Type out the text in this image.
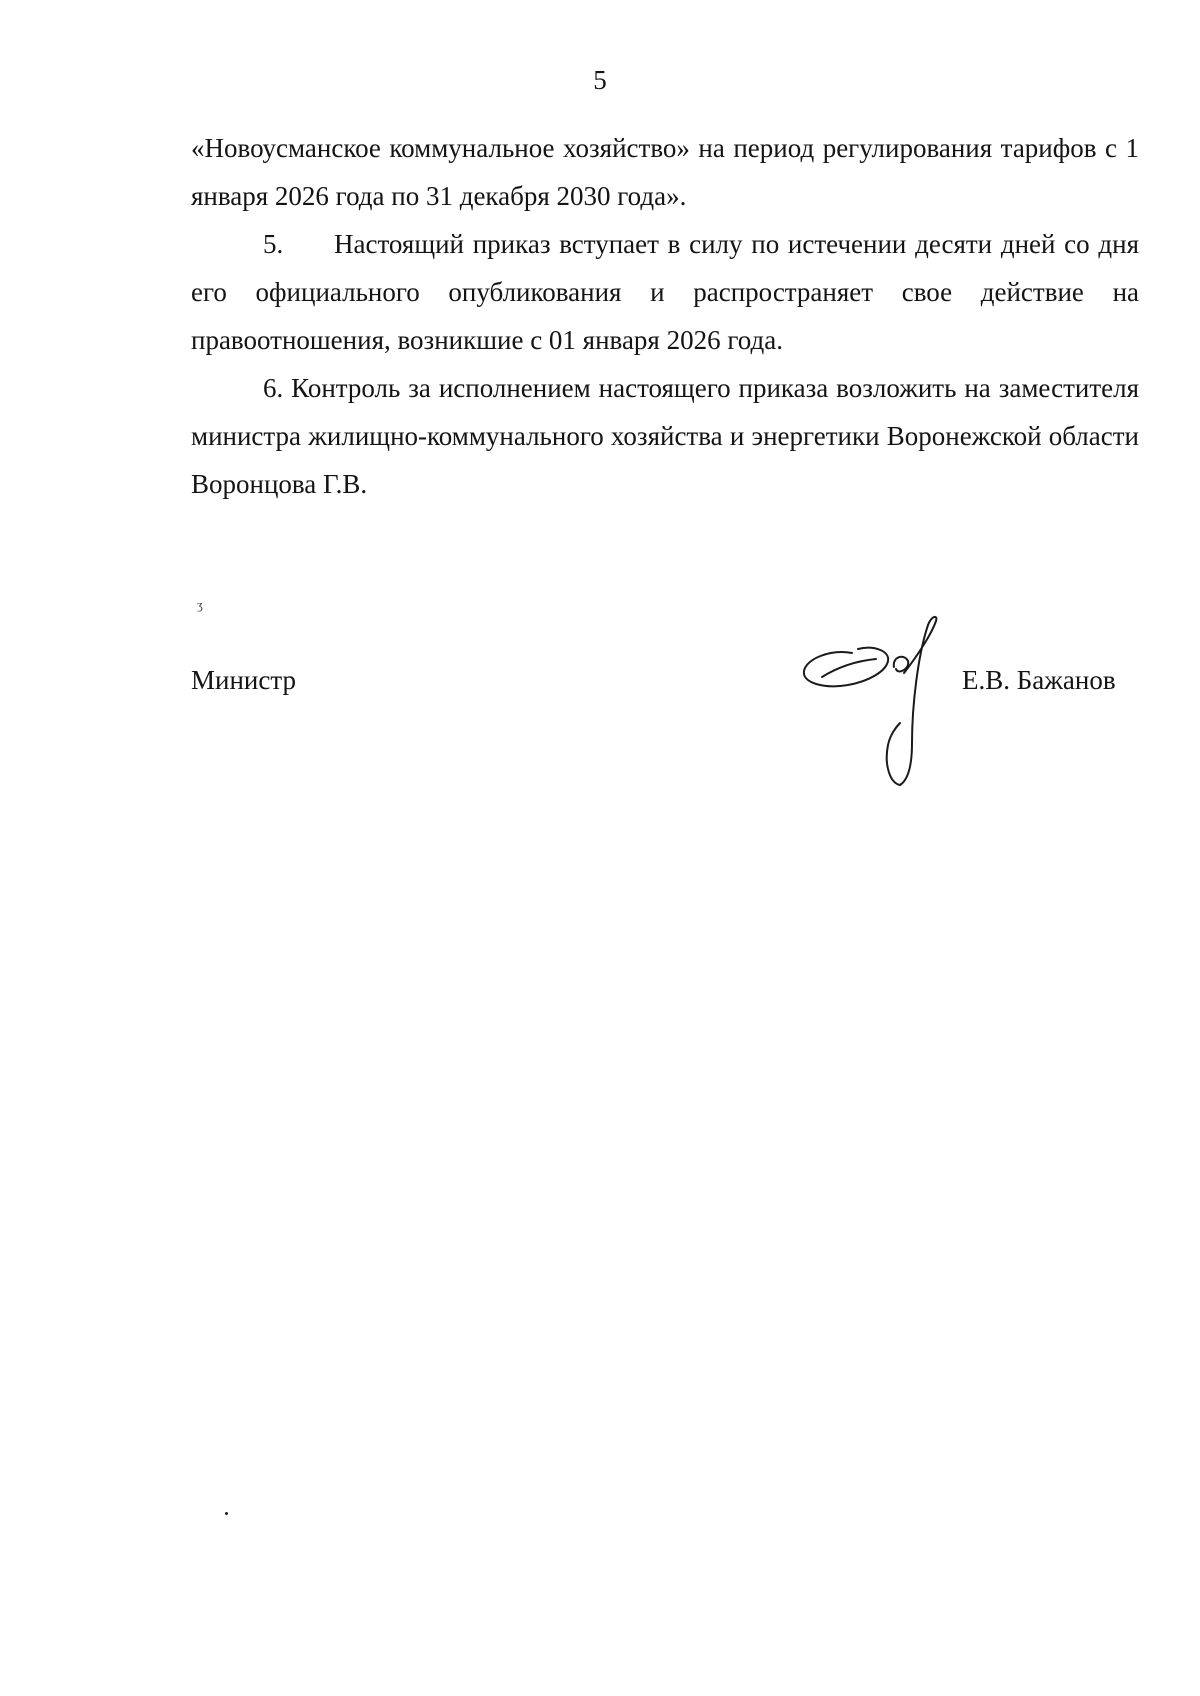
5
«Новоусманское коммунальное хозяйство» на период регулирования тарифов с 1 января 2026 года по 31 декабря 2030 года».
5. Настоящий приказ вступает в силу по истечении десяти дней со дня его официального опубликования и распространяет свое действие на правоотношения, возникшие с 01 января 2026 года.
6. Контроль за исполнением настоящего приказа возложить на заместителя министра жилищно-коммунального хозяйства и энергетики Воронежской области Воронцова Г.В.
ʒ
Министр	Е.В. Бажанов
